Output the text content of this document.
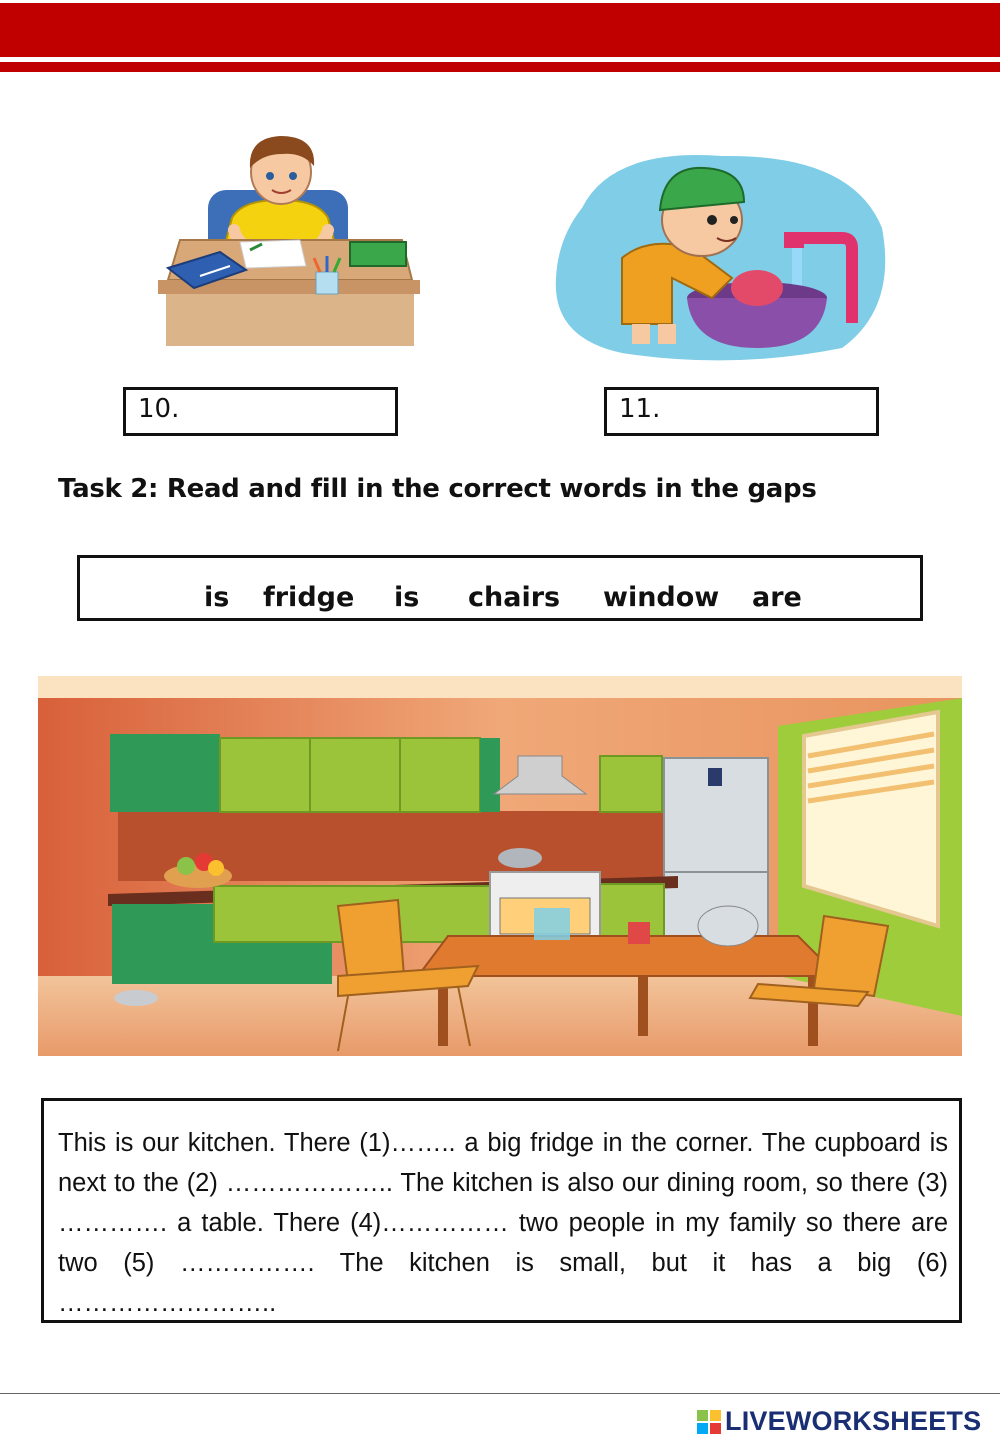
10.	11.
Task 2: Read and fill in the correct words in the gaps
is fridge is chairs window are
This is our kitchen. There (1)…….. a big fridge in the corner. The cupboard is next to the (2) ……………….. The kitchen is also our dining room, so there (3) …………. a table. There (4)…………… two people in my family so there are two (5) ……………. The kitchen is small, but it has a big (6) ……………………..
LIVEWORKSHEETS
